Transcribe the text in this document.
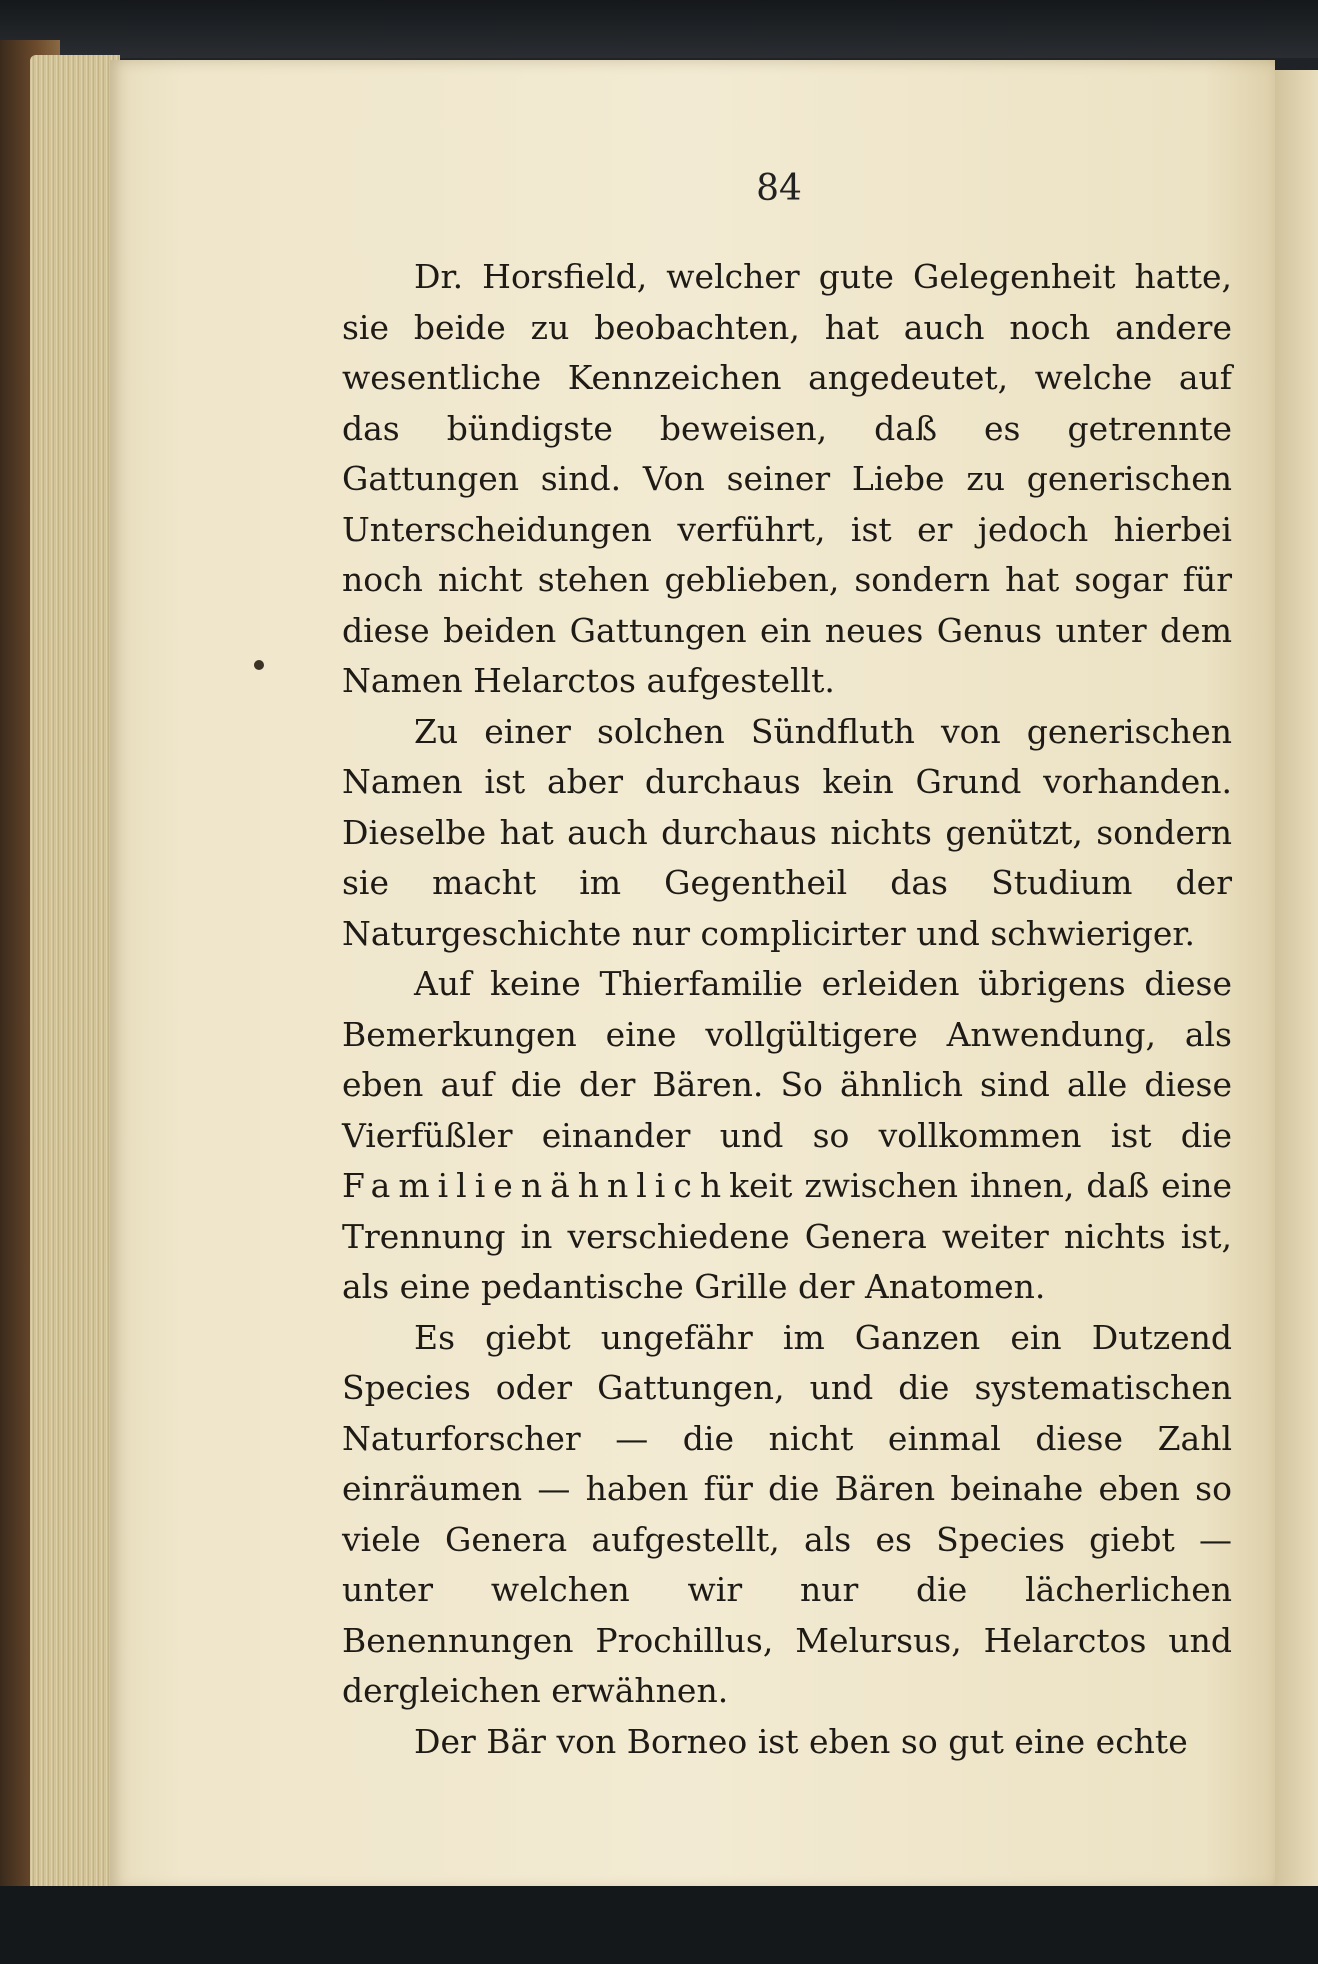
84

Dr. Horsfield, welcher gute Gelegenheit hatte, sie beide zu beobachten, hat auch noch andere wesentliche Kennzeichen angedeutet, welche auf das bündigste beweisen, daß es getrennte Gattungen sind. Von seiner Liebe zu generischen Unterscheidungen verführt, ist er jedoch hierbei noch nicht stehen geblieben, sondern hat sogar für diese beiden Gattungen ein neues Genus unter dem Namen Helarctos aufgestellt.

Zu einer solchen Sündfluth von generischen Namen ist aber durchaus kein Grund vorhanden. Dieselbe hat auch durchaus nichts genützt, sondern sie macht im Gegentheil das Studium der Naturgeschichte nur complicirter und schwieriger.

Auf keine Thierfamilie erleiden übrigens diese Bemerkungen eine vollgültigere Anwendung, als eben auf die der Bären. So ähnlich sind alle diese Vierfüßler einander und so vollkommen ist die Familienähnlichkeit zwischen ihnen, daß eine Trennung in verschiedene Genera weiter nichts ist, als eine pedantische Grille der Anatomen.

Es giebt ungefähr im Ganzen ein Dutzend Species oder Gattungen, und die systematischen Naturforscher — die nicht einmal diese Zahl einräumen — haben für die Bären beinahe eben so viele Genera aufgestellt, als es Species giebt — unter welchen wir nur die lächerlichen Benennungen Prochillus, Melursus, Helarctos und dergleichen erwähnen.

Der Bär von Borneo ist eben so gut eine echte
